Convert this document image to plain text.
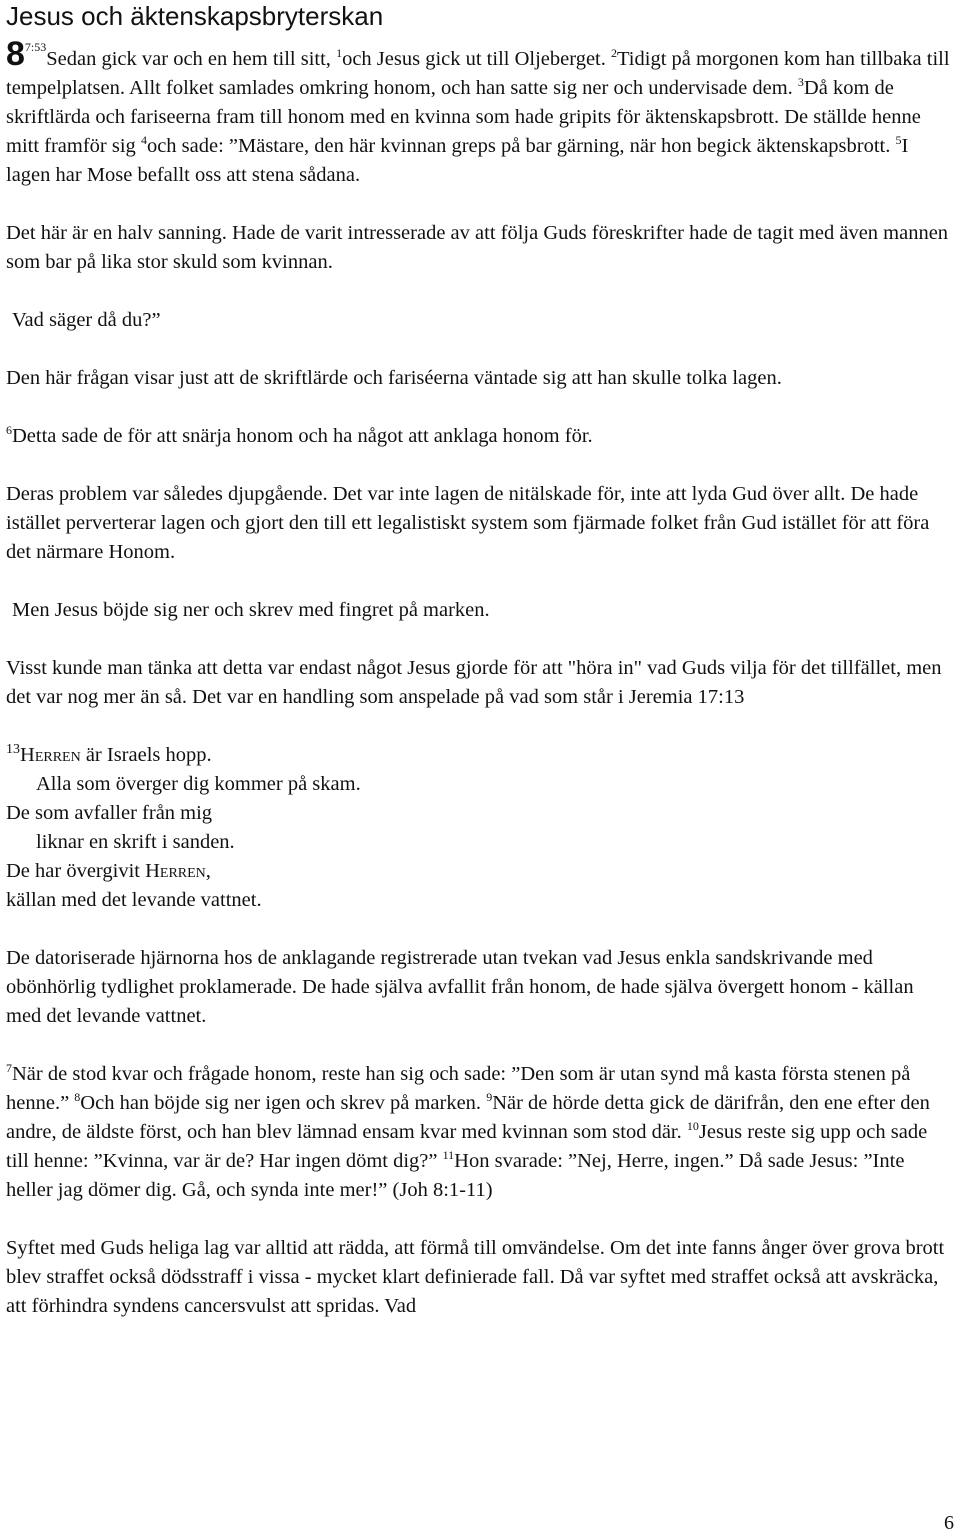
Jesus och äktenskapsbryterskan

$8^{7:53}Sedan$ gick var och en hem till sitt, $^1$och Jesus gick ut till Oljeberget. $^2$Tidigt på morgonen kom han tillbaka till tempelplatsen. Allt folket samlades omkring honom, och han satte sig ner och undervisade dem. $^3$Då kom de skriftlärda och fariseerna fram till honom med en kvinna som hade gripits för äktenskapsbrott. De ställde henne mitt framför sig $^4$och sade: ”Mästare, den här kvinnan greps på bar gärning, när hon begick äktenskapsbrott. $^5$I lagen har Mose befallt oss att stena sådana.

Det här är en halv sanning. Hade de varit intresserade av att följa Guds föreskrifter hade de tagit med även mannen som bar på lika stor skuld som kvinnan.

Vad säger då du?”

Den här frågan visar just att de skriftlärde och fariséerna väntade sig att han skulle tolka lagen.

$^6$Detta sade de för att snärja honom och ha något att anklaga honom för.

Deras problem var således djupgående. Det var inte lagen de nitälskade för, inte att lyda Gud över allt. De hade istället perverterar lagen och gjort den till ett legalistiskt system som fjärmade folket från Gud istället för att föra det närmare Honom.

Men Jesus böjde sig ner och skrev med fingret på marken.

Visst kunde man tänka att detta var endast något Jesus gjorde för att "höra in" vad Guds vilja för det tillfället, men det var nog mer än så. Det var en handling som anspelade på vad som står i Jeremia 17:13

$^{13}$Herren är Israels hopp.

Alla som överger dig kommer på skam.

De som avfaller från mig

liknar en skrift i sanden.

De har övergivit Herren,

källan med det levande vattnet.

De datoriserade hjärnorna hos de anklagande registrerade utan tvekan vad Jesus enkla sandskrivande med obönhörlig tydlighet proklamerade. De hade själva avfallit från honom, de hade själva övergett honom - källan med det levande vattnet.

$^7$När de stod kvar och frågade honom, reste han sig och sade: ”Den som är utan synd må kasta första stenen på henne.” $^8$Och han böjde sig ner igen och skrev på marken. $^9$När de hörde detta gick de därifrån, den ene efter den andre, de äldste först, och han blev lämnad ensam kvar med kvinnan som stod där. $^{10}$Jesus reste sig upp och sade till henne: ”Kvinna, var är de? Har ingen dömt dig?” $^{11}$Hon svarade: ”Nej, Herre, ingen.” Då sade Jesus: ”Inte heller jag dömer dig. Gå, och synda inte mer!” (Joh 8:1-11)

Syftet med Guds heliga lag var alltid att rädda, att förmå till omvändelse. Om det inte fanns ånger över grova brott blev straffet också dödsstraff i vissa - mycket klart definierade fall. Då var syftet med straffet också att avskräcka, att förhindra syndens cancersvulst att spridas. Vad

6
